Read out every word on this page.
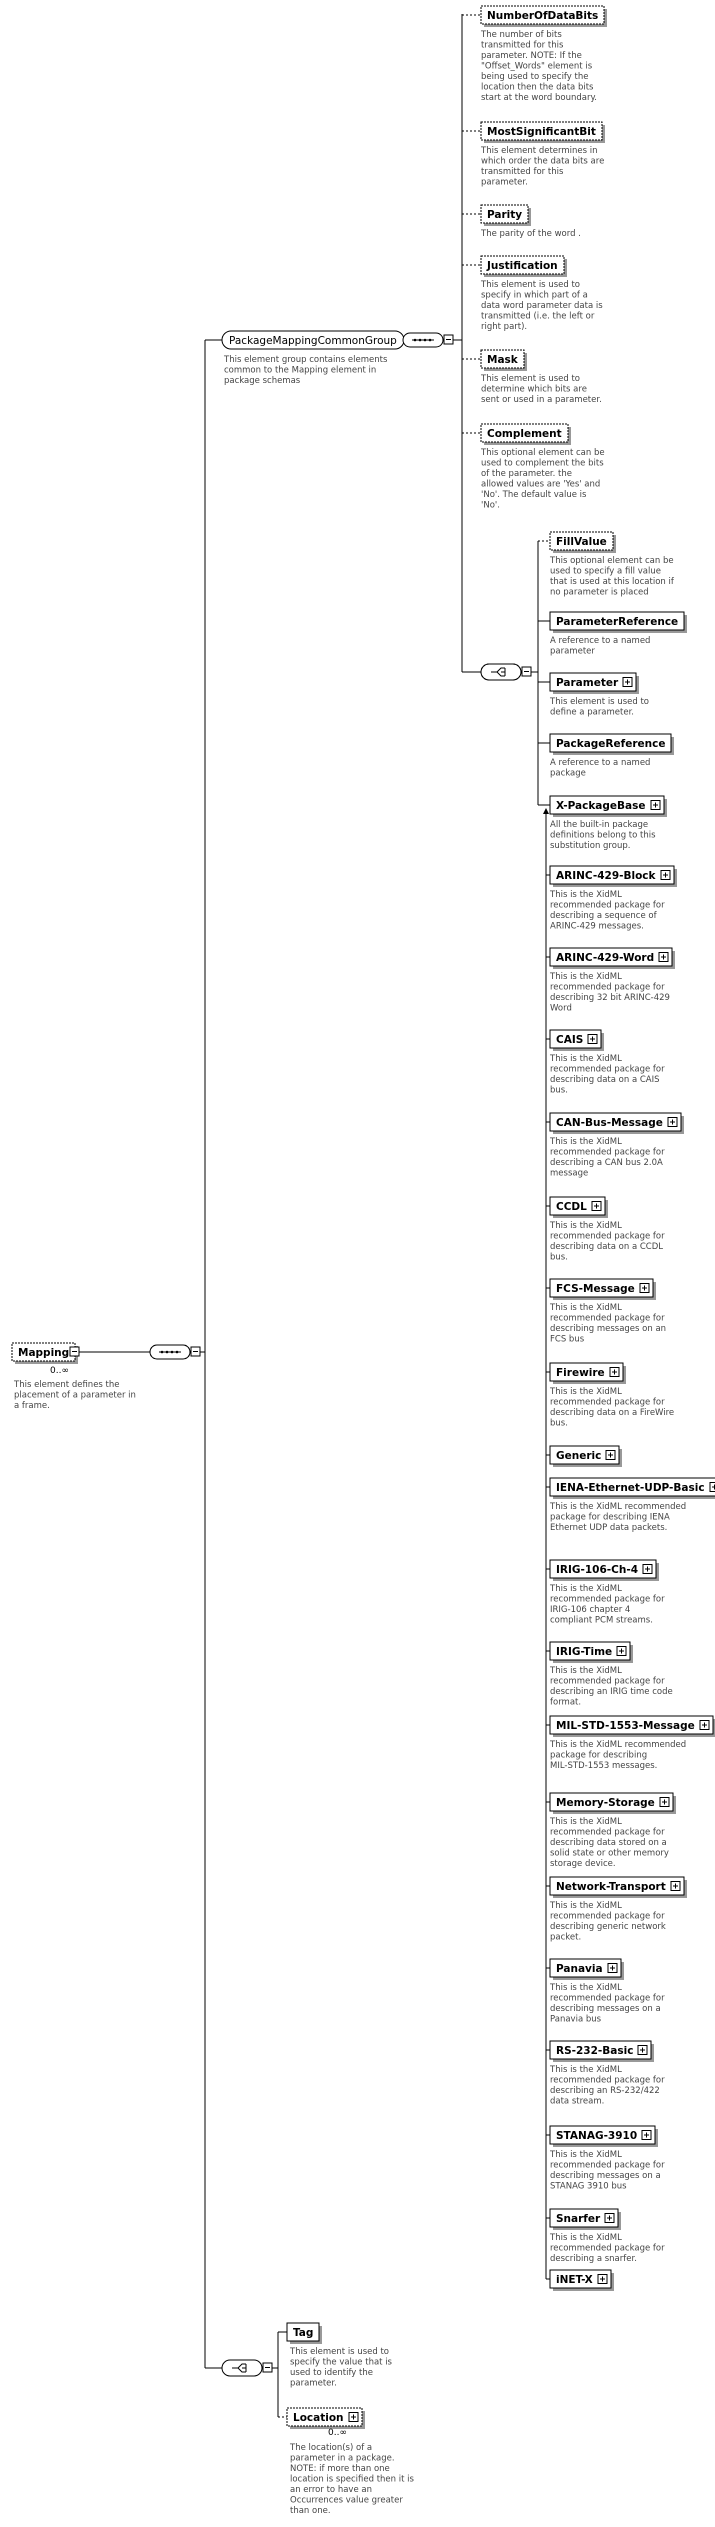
Mapping
0..∞
This element defines the
placement of a parameter in
a frame.
PackageMappingCommonGroup
This element group contains elements
common to the Mapping element in
package schemas
NumberOfDataBits
The number of bits
transmitted for this
parameter. NOTE: If the
"Offset_Words" element is
being used to specify the
location then the data bits
start at the word boundary.
MostSignificantBit
This element determines in
which order the data bits are
transmitted for this
parameter.
Parity
The parity of the word .
Justification
This element is used to
specify in which part of a
data word parameter data is
transmitted (i.e. the left or
right part).
Mask
This element is used to
determine which bits are
sent or used in a parameter.
Complement
This optional element can be
used to complement the bits
of the parameter. the
allowed values are 'Yes' and
'No'. The default value is
'No'.
FillValue
This optional element can be
used to specify a fill value
that is used at this location if
no parameter is placed
ParameterReference
A reference to a named
parameter
Parameter
This element is used to
define a parameter.
PackageReference
A reference to a named
package
X-PackageBase
All the built-in package
definitions belong to this
substitution group.
ARINC-429-Block
This is the XidML
recommended package for
describing a sequence of
ARINC-429 messages.
ARINC-429-Word
This is the XidML
recommended package for
describing 32 bit ARINC-429
Word
CAIS
This is the XidML
recommended package for
describing data on a CAIS
bus.
CAN-Bus-Message
This is the XidML
recommended package for
describing a CAN bus 2.0A
message
CCDL
This is the XidML
recommended package for
describing data on a CCDL
bus.
FCS-Message
This is the XidML
recommended package for
describing messages on an
FCS bus
Firewire
This is the XidML
recommended package for
describing data on a FireWire
bus.
Generic
IENA-Ethernet-UDP-Basic
This is the XidML recommended
package for describing IENA
Ethernet UDP data packets.
IRIG-106-Ch-4
This is the XidML
recommended package for
IRIG-106 chapter 4
compliant PCM streams.
IRIG-Time
This is the XidML
recommended package for
describing an IRIG time code
format.
MIL-STD-1553-Message
This is the XidML recommended
package for describing
MIL-STD-1553 messages.
Memory-Storage
This is the XidML
recommended package for
describing data stored on a
solid state or other memory
storage device.
Network-Transport
This is the XidML
recommended package for
describing generic network
packet.
Panavia
This is the XidML
recommended package for
describing messages on a
Panavia bus
RS-232-Basic
This is the XidML
recommended package for
describing an RS-232/422
data stream.
STANAG-3910
This is the XidML
recommended package for
describing messages on a
STANAG 3910 bus
Snarfer
This is the XidML
recommended package for
describing a snarfer.
iNET-X
Tag
This element is used to
specify the value that is
used to identify the
parameter.
Location
0..∞
The location(s) of a
parameter in a package.
NOTE: if more than one
location is specified then it is
an error to have an
Occurrences value greater
than one.
